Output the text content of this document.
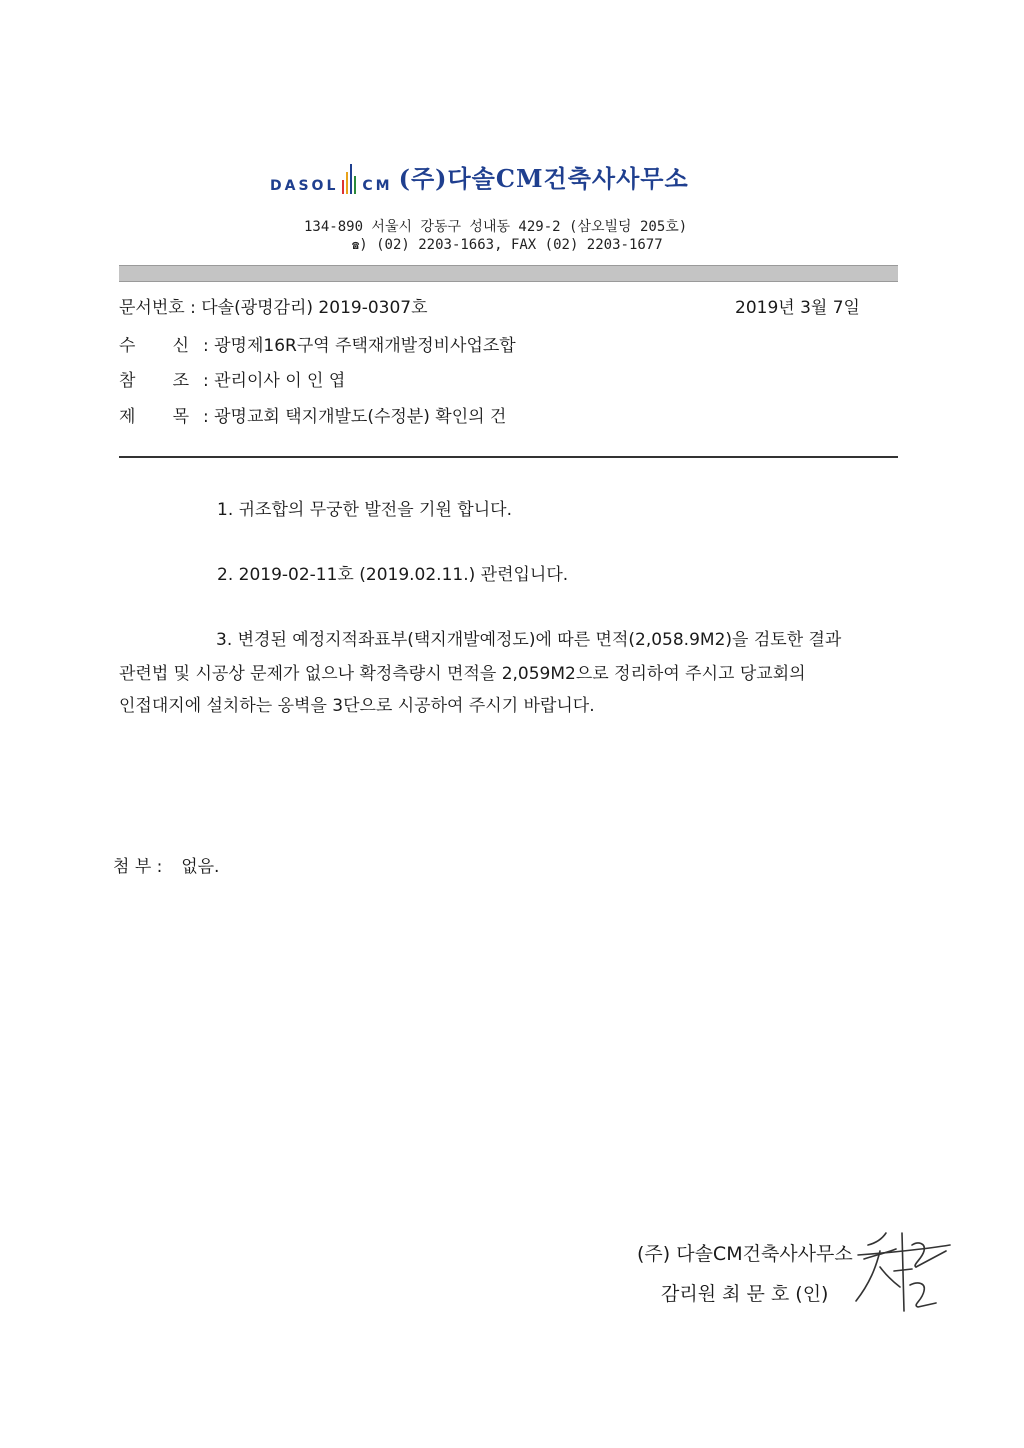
DASOL CM (주)다솔CM건축사사무소
134-890 서울시 강동구 성내동 429-2 (삼오빌딩 205호)
☎) (02) 2203-1663, FAX (02) 2203-1677
문서번호 : 다솔(광명감리) 2019-0307호	2019년 3월 7일
수 신 : 광명제16R구역 주택재개발정비사업조합
참 조 : 관리이사 이 인 엽
제 목 : 광명교회 택지개발도(수정분) 확인의 건
1. 귀조합의 무궁한 발전을 기원 합니다.
2. 2019-02-11호 (2019.02.11.) 관련입니다.
3. 변경된 예정지적좌표부(택지개발예정도)에 따른 면적(2,058.9M2)을 검토한 결과
관련법 및 시공상 문제가 없으나 확정측량시 면적을 2,059M2으로 정리하여 주시고 당교회의
인접대지에 설치하는 옹벽을 3단으로 시공하여 주시기 바랍니다.
첨 부 : 없음.
(주) 다솔CM건축사사무소
감리원 최 문 호 (인)
